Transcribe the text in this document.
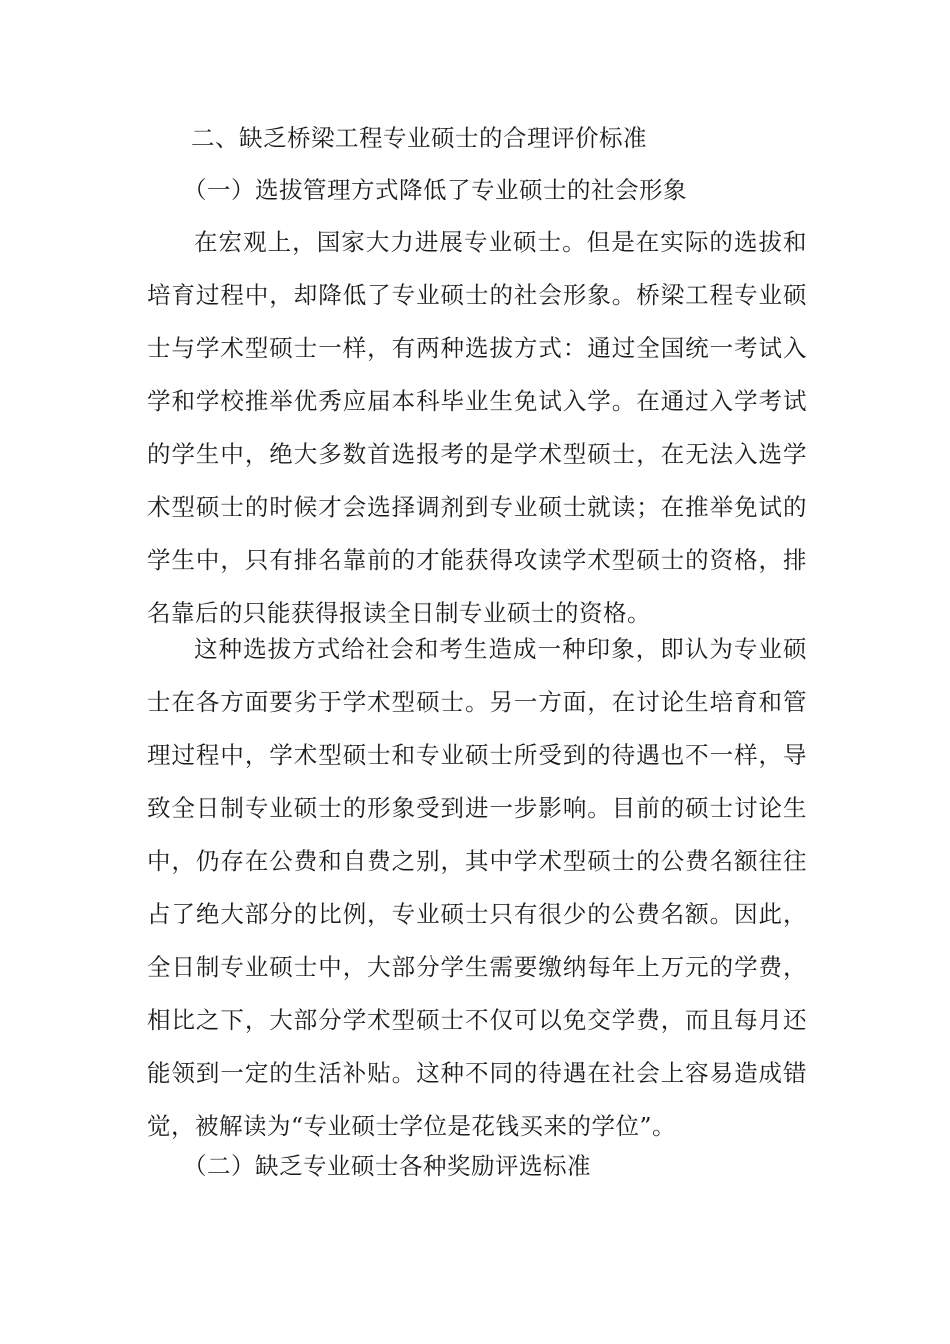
二、缺乏桥梁工程专业硕士的合理评价标准
（一）选拔管理方式降低了专业硕士的社会形象

在宏观上，国家大力进展专业硕士。但是在实际的选拔和培育过程中，却降低了专业硕士的社会形象。桥梁工程专业硕士与学术型硕士一样，有两种选拔方式：通过全国统一考试入学和学校推举优秀应届本科毕业生免试入学。在通过入学考试的学生中，绝大多数首选报考的是学术型硕士，在无法入选学术型硕士的时候才会选择调剂到专业硕士就读；在推举免试的学生中，只有排名靠前的才能获得攻读学术型硕士的资格，排名靠后的只能获得报读全日制专业硕士的资格。

这种选拔方式给社会和考生造成一种印象，即认为专业硕士在各方面要劣于学术型硕士。另一方面，在讨论生培育和管理过程中，学术型硕士和专业硕士所受到的待遇也不一样，导致全日制专业硕士的形象受到进一步影响。目前的硕士讨论生中，仍存在公费和自费之别，其中学术型硕士的公费名额往往占了绝大部分的比例，专业硕士只有很少的公费名额。因此，全日制专业硕士中，大部分学生需要缴纳每年上万元的学费，相比之下，大部分学术型硕士不仅可以免交学费，而且每月还能领到一定的生活补贴。这种不同的待遇在社会上容易造成错觉，被解读为“专业硕士学位是花钱买来的学位”。

（二）缺乏专业硕士各种奖励评选标准
